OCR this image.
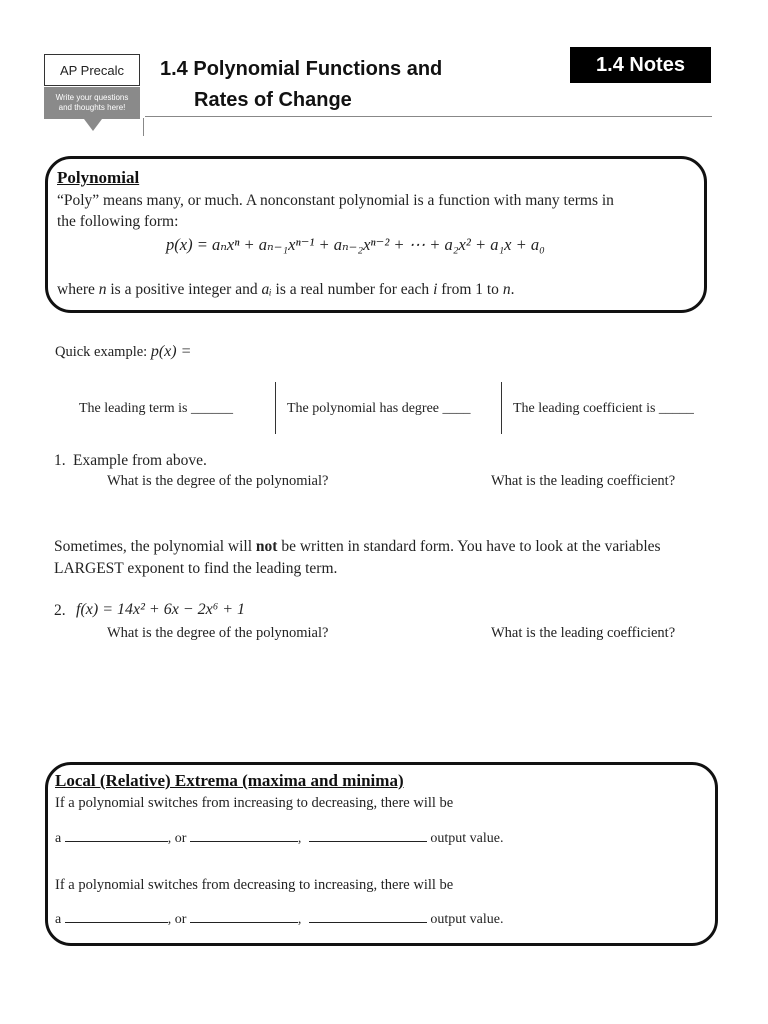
AP Precalc
Write your questions
and thoughts here!
1.4 Polynomial Functions and
Rates of Change
1.4 Notes
Polynomial
“Poly” means many, or much. A nonconstant polynomial is a function with many terms in
the following form:
p(x) = aₙxⁿ + aₙ₋₁xⁿ⁻¹ + aₙ₋₂xⁿ⁻² + ⋯ + a₂x² + a₁x + a₀
where n is a positive integer and aᵢ is a real number for each i from 1 to n.
Quick example: p(x) =
The leading term is ______	The polynomial has degree ____	The leading coefficient is _____
1. Example from above.
What is the degree of the polynomial?	What is the leading coefficient?
Sometimes, the polynomial will not be written in standard form. You have to look at the variables
LARGEST exponent to find the leading term.
2. f(x) = 14x² + 6x − 2x⁶ + 1
What is the degree of the polynomial?	What is the leading coefficient?
Local (Relative) Extrema (maxima and minima)
If a polynomial switches from increasing to decreasing, there will be
a	, or	,	output value.
If a polynomial switches from decreasing to increasing, there will be
a	, or	,	output value.
